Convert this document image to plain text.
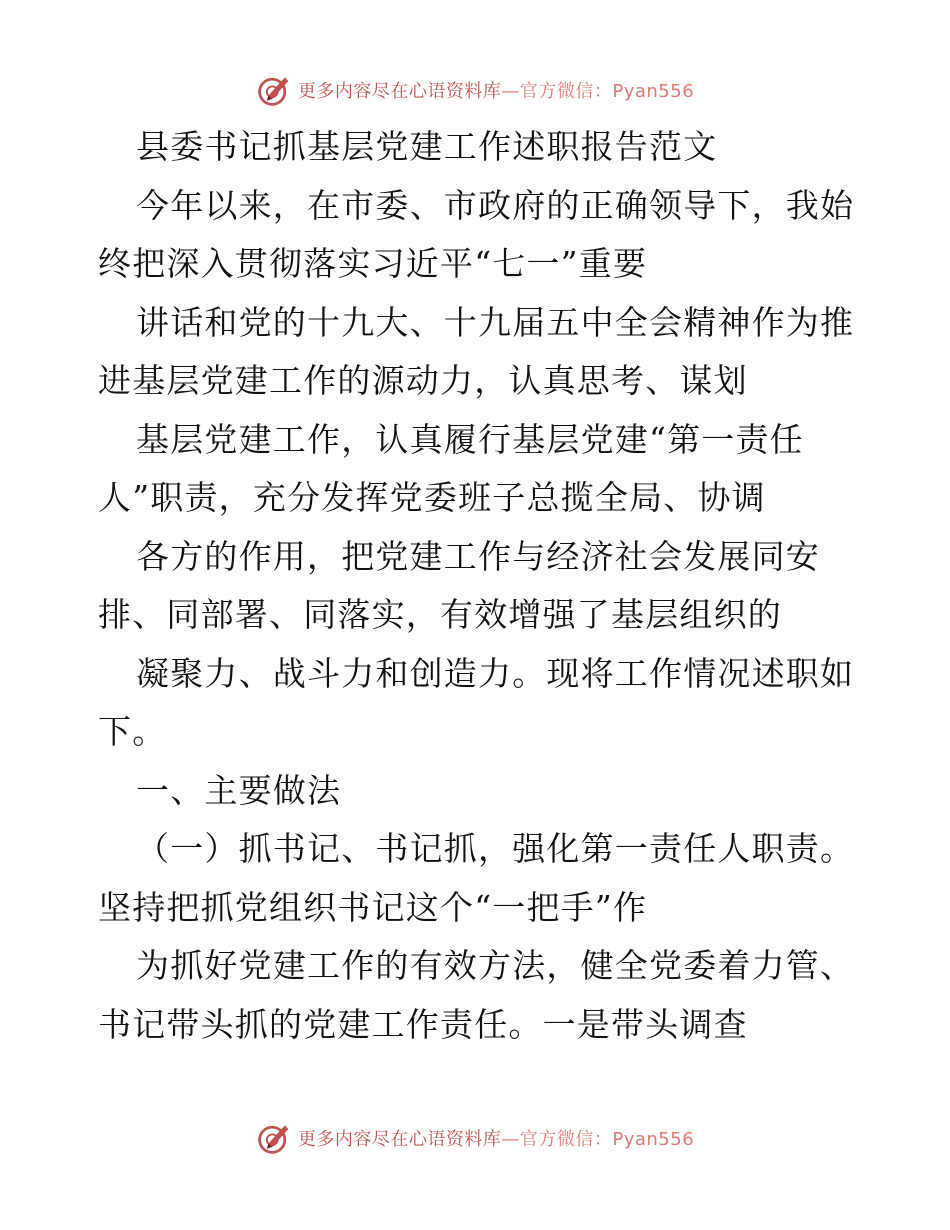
更多内容尽在心语资料库—官方微信：Pyan556
县委书记抓基层党建工作述职报告范文
今年以来，在市委、市政府的正确领导下，我始
终把深入贯彻落实习近平“七一”重要
讲话和党的十九大、十九届五中全会精神作为推
进基层党建工作的源动力，认真思考、谋划
基层党建工作，认真履行基层党建“第一责任
人”职责，充分发挥党委班子总揽全局、协调
各方的作用，把党建工作与经济社会发展同安
排、同部署、同落实，有效增强了基层组织的
凝聚力、战斗力和创造力。现将工作情况述职如
下。
一、主要做法
（一）抓书记、书记抓，强化第一责任人职责。
坚持把抓党组织书记这个“一把手”作
为抓好党建工作的有效方法，健全党委着力管、
书记带头抓的党建工作责任。一是带头调查
更多内容尽在心语资料库—官方微信：Pyan556
